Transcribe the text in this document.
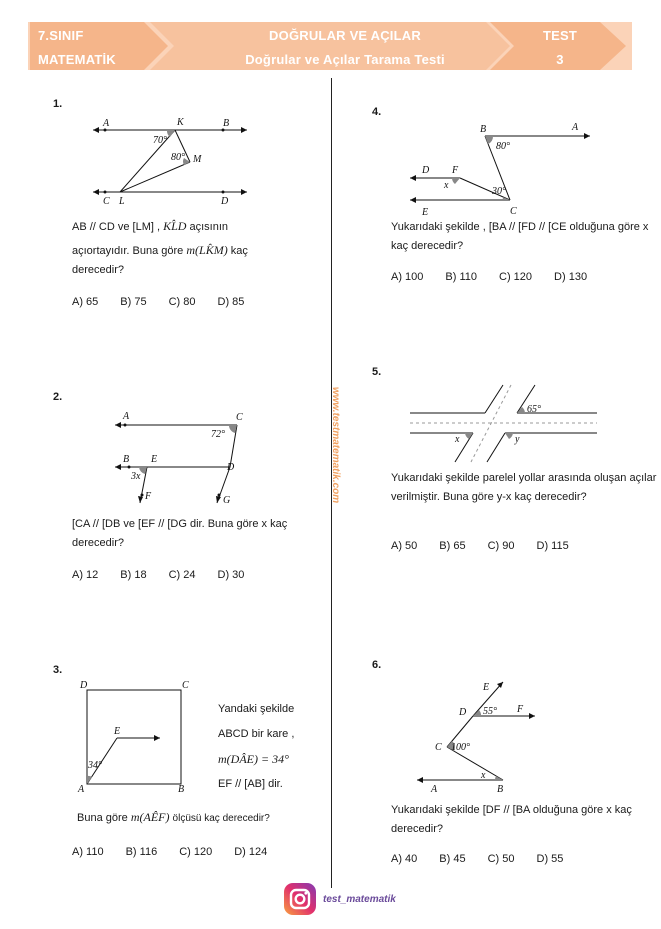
7.SINIF
MATEMATİK
DOĞRULAR VE AÇILAR
Doğrular ve Açılar Tarama Testi
TEST
3
www.testmatematik.com
1.
A	K	B
70°
80° M
C L	D
AB // CD ve [LM] , KL̂D açısının
açıortayıdır. Buna göre m(LK̂M) kaç
derecedir?
A) 65 B) 75 C) 80 D) 85
2.
A	C
72°
B E
D
3x
F	G
[CA // [DB ve [EF // [DG dir. Buna göre x kaç derecedir?
A) 12 B) 18 C) 24 D) 30
3.
D	C
E
34°
A	B
Yandaki şekilde
ABCD bir kare ,
m(DÂE) = 34°
EF // [AB] dir.
Buna göre m(AÊF) ölçüsü kaç derecedir?
A) 110 B) 116 C) 120 D) 124
4.
B	A
80°
D F
x
30°
E	C
Yukarıdaki şekilde , [BA // [FD // [CE olduğuna göre x kaç derecedir?
A) 100 B) 110 C) 120 D) 130
5.
65°
x	y
Yukarıdaki şekilde parelel yollar arasında oluşan açılar verilmiştir. Buna göre y-x kaç derecedir?
A) 50 B) 65 C) 90 D) 115
6.
E
D 55° F
C 100°
x
A	B
Yukarıdaki şekilde [DF // [BA olduğuna göre x kaç derecedir?
A) 40 B) 45 C) 50 D) 55
test_matematik
